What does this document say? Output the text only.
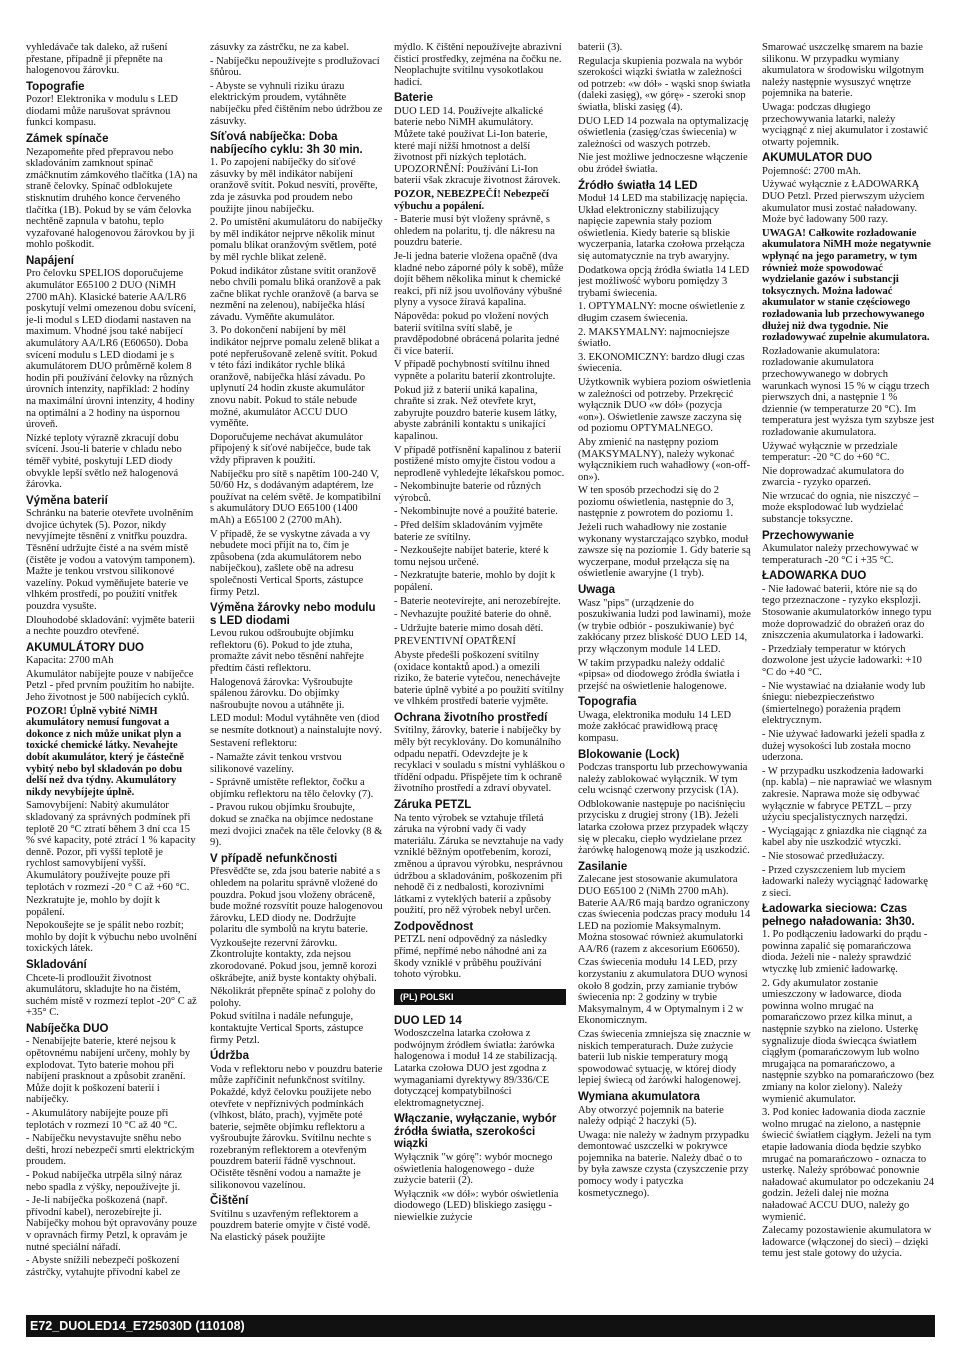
vyhledávače tak daleko, až rušení přestane, případně jí přepněte na halogenovou žárovku.

Topografie

Pozor! Elektronika v modulu s LED diodami může narušovat správnou funkci kompasu.

Zámek spínače

Nezapomeňte před přepravou nebo skladováním zamknout spínač zmáčknutím zámkového tlačítka (1A) na straně čelovky. Spínač odblokujete stisknutím druhého konce červeného tlačítka (1B). Pokud by se vám čelovka nechtěně zapnula v batohu, teplo vyzařované halogenovou žárovkou by ji mohlo poškodit.

Napájení

Pro čelovku SPELIOS doporučujeme akumulátor E65100 2 DUO (NiMH 2700 mAh). Klasické baterie AA/LR6 poskytují velmi omezenou dobu svícení, je-li modul s LED diodami nastaven na maximum. Vhodné jsou také nabíjecí akumulátory AA/LR6 (E60650). Doba svícení modulu s LED diodami je s akumulátorem DUO průměrně kolem 8 hodin při používání čelovky na různých úrovních intenzity, například: 2 hodiny na maximální úrovni intenzity, 4 hodiny na optimální a 2 hodiny na úspornou úroveň.

Nízké teploty výrazně zkracují dobu svícení. Jsou-li baterie v chladu nebo téměř vybité, poskytují LED diody obvykle lepší světlo než halogenová žárovka.

Výměna baterií

Schránku na baterie otevřete uvolněním dvojice úchytek (5). Pozor, nikdy nevyjímejte těsnění z vnitřku pouzdra. Těsnění udržujte čisté a na svém místě (čistěte je vodou a vatovým tamponem). Mažte je tenkou vrstvou silikonové vazelíny. Pokud vyměňujete baterie ve vlhkém prostředí, po použití vnitřek pouzdra vysušte.

Dlouhodobé skladování: vyjměte baterii a nechte pouzdro otevřené.

AKUMULÁTORY DUO

Kapacita: 2700 mAh

Akumulátor nabíjejte pouze v nabíječce Petzl - před prvním použitím ho nabijte. Jeho životnost je 500 nabíjecích cyklů.

POZOR! Úplně vybité NiMH akumulátory nemusí fungovat a dokonce z nich může unikat plyn a toxické chemické látky. Nevahejte dobít akumulátor, který je částečně vybitý nebo byl skladován po dobu delší než dva týdny. Akumulátory nikdy nevybíjejte úplně.

Samovybíjení: Nabitý akumulátor skladovaný za správných podmínek při teplotě 20 °C ztratí během 3 dní cca 15 % své kapacity, poté ztrácí 1 % kapacity denně. Pozor, při vyšší teplotě je rychlost samovybíjení vyšší. Akumulátory používejte pouze při teplotách v rozmezí -20 ° C až +60 °C.

Nezkratujte je, mohlo by dojít k popálení.

Nepokoušejte se je spálit nebo rozbít; mohlo by dojít k výbuchu nebo uvolnění toxických látek.

Skladování

Chcete-li prodloužit životnost akumulátoru, skladujte ho na čistém, suchém místě v rozmezí teplot -20° C až +35° C.

Nabíječka DUO

- Nenabíjejte baterie, které nejsou k opětovnému nabíjení určeny, mohly by explodovat. Tyto baterie mohou při nabíjení prasknout a způsobit zranění. Může dojít k poškození baterií i nabíječky.

- Akumulátory nabíjejte pouze při teplotách v rozmezí 10 °C až 40 °C.

- Nabíječku nevystavujte sněhu nebo dešti, hrozí nebezpečí smrti elektrickým proudem.

- Pokud nabíječka utrpěla silný náraz nebo spadla z výšky, nepoužívejte ji.

- Je-li nabíječka poškozená (např. přívodní kabel), nerozebírejte ji. Nabíječky mohou být opravovány pouze v opravnách firmy Petzl, k opravám je nutné speciální nářadí.

- Abyste snížili nebezpečí poškození zástrčky, vytahujte přívodní kabel ze

zásuvky za zástrčku, ne za kabel.

- Nabíječku nepoužívejte s prodlužovací šňůrou.

- Abyste se vyhnuli riziku úrazu elektrickým proudem, vytáhněte nabíječku před čištěním nebo údržbou ze zásuvky.

Síťová nabíječka: Doba nabíjecího cyklu: 3h 30 min.

1. Po zapojení nabíječky do síťové zásuvky by měl indikátor nabíjení oranžově svítit. Pokud nesvítí, prověřte, zda je zásuvka pod proudem nebo použijte jinou nabíječku.

2. Po umístění akumulátoru do nabíječky by měl indikátor nejprve několik minut pomalu blikat oranžovým světlem, poté by měl rychle blikat zeleně.

Pokud indikátor zůstane svítit oranžově nebo chvíli pomalu bliká oranžově a pak začne blikat rychle oranžově (a barva se nezmění na zelenou), nabíječka hlásí závadu. Vyměňte akumulátor.

3. Po dokončení nabíjení by měl indikátor nejprve pomalu zeleně blikat a poté nepřerušovaně zeleně svítit. Pokud v této fázi indikátor rychle bliká oranžově, nabíječka hlásí závadu. Po uplynutí 24 hodin zkuste akumulátor znovu nabít. Pokud to stále nebude možné, akumulátor ACCU DUO vyměňte.

Doporučujeme nechávat akumulátor připojený k síťové nabíječce, bude tak vždy připraven k použití.

Nabíječku pro sítě s napětím 100-240 V, 50/60 Hz, s dodávaným adaptérem, lze používat na celém světě. Je kompatibilní s akumulátory DUO E65100 (1400 mAh) a E65100 2 (2700 mAh).

V případě, že se vyskytne závada a vy nebudete moci přijít na to, čím je způsobena (zda akumulátorem nebo nabíječkou), zašlete obě na adresu společnosti Vertical Sports, zástupce firmy Petzl.

Výměna žárovky nebo modulu s LED diodami

Levou rukou odšroubujte objímku reflektoru (6). Pokud to jde ztuha, promažte závit nebo těsnění nahřejte předtím části reflektoru.

Halogenová žárovka: Vyšroubujte spálenou žárovku. Do objímky našroubujte novou a utáhněte ji.

LED modul: Modul vytáhněte ven (diod se nesmíte dotknout) a nainstalujte nový.

Sestavení reflektoru:

- Namažte závit tenkou vrstvou silikonové vazelíny.

- Správně umístěte reflektor, čočku a objímku reflektoru na tělo čelovky (7).

- Pravou rukou objímku šroubujte, dokud se značka na objímce nedostane mezi dvojici značek na těle čelovky (8 & 9).

V případě nefunkčnosti

Přesvědčte se, zda jsou baterie nabité a s ohledem na polaritu správně vložené do pouzdra. Pokud jsou vloženy obráceně, bude možné rozsvítit pouze halogenovou žárovku, LED diody ne. Dodržujte polaritu dle symbolů na krytu baterie.

Vyzkoušejte rezervní žárovku. Zkontrolujte kontakty, zda nejsou zkorodované. Pokud jsou, jemně korozi oškrábejte, aniž byste kontakty ohýbali.

Několikrát přepněte spínač z polohy do polohy.

Pokud svítilna i nadále nefunguje, kontaktujte Vertical Sports, zástupce firmy Petzl.

Údržba

Voda v reflektoru nebo v pouzdru baterie může zapříčinit nefunkčnost svítilny. Pokaždé, když čelovku použijete nebo otevřete v nepříznivých podmínkách (vlhkost, bláto, prach), vyjměte poté baterie, sejměte objímku reflektoru a vyšroubujte žárovku. Svítilnu nechte s rozebraným reflektorem a otevřeným pouzdrem baterií řádně vyschnout. Očistěte těsnění vodou a namažte je silikonovou vazelínou.

Čištění

Svítilnu s uzavřeným reflektorem a pouzdrem baterie omyjte v čisté vodě. Na elastický pásek použijte

mýdlo. K čištění nepoužívejte abrazivní čisticí prostředky, zejména na čočku ne. Neoplachujte svítilnu vysokotlakou hadicí.

Baterie

DUO LED 14. Používejte alkalické baterie nebo NiMH akumulátory. Můžete také používat Li-Ion baterie, které mají nižší hmotnost a delší životnost při nízkých teplotách. UPOZORNĚNÍ: Používání Li-Ion baterií však zkracuje životnost žárovek.

POZOR, NEBEZPEČÍ! Nebezpečí výbuchu a popálení.

- Baterie musí být vloženy správně, s ohledem na polaritu, tj. dle nákresu na pouzdru baterie.

Je-li jedna baterie vložena opačně (dva kladné nebo záporné póly k sobě), může dojít během několika minut k chemické reakci, při níž jsou uvolňovány výbušné plyny a vysoce žíravá kapalina.

Nápověda: pokud po vložení nových baterií svítilna svítí slabě, je pravděpodobné obrácená polarita jedné či více baterií.

V případě pochybností svítilnu ihned vypněte a polaritu baterií zkontrolujte.

Pokud již z baterií uniká kapalina, chraňte si zrak. Než otevřete kryt, zabyrujte pouzdro baterie kusem látky, abyste zabránili kontaktu s unikající kapalinou.

V případě potřísnění kapalinou z baterií postižené místo omyjte čistou vodou a neprodleně vyhledejte lékařskou pomoc.

- Nekombinujte baterie od různých výrobců.

- Nekombinujte nové a použité baterie.

- Před delším skladováním vyjměte baterie ze svítilny.

- Nezkoušejte nabíjet baterie, které k tomu nejsou určené.

- Nezkratujte baterie, mohlo by dojít k popálení.

- Baterie neotevírejte, ani nerozebírejte.

- Nevhazujte použité baterie do ohně.

- Udržujte baterie mimo dosah dětí.

PREVENTIVNÍ OPATŘENÍ

Abyste předešli poškození svítilny (oxidace kontaktů apod.) a omezili riziko, že baterie vytečou, nenechávejte baterie úplně vybité a po použití svítilny ve vlhkém prostředí baterie vyjměte.

Ochrana životního prostředí

Svítilny, žárovky, baterie i nabíječky by měly být recyklovány. Do komunálního odpadu nepatří. Odevzdejte je k recyklaci v souladu s místní vyhláškou o třídění odpadu. Přispějete tím k ochraně životního prostředí a zdraví obyvatel.

Záruka PETZL

Na tento výrobek se vztahuje tříletá záruka na výrobní vady či vady materiálu. Záruka se nevztahuje na vady vzniklé běžným opotřebením, korozí, změnou a úpravou výrobku, nesprávnou údržbou a skladováním, poškozením při nehodě či z nedbalosti, korozivními látkami z vyteklých baterií a způsoby použití, pro něž výrobek nebyl určen.

Zodpovědnost

PETZL není odpovědný za následky přímé, nepřímé nebo náhodné ani za škody vzniklé v průběhu používání tohoto výrobku.

(PL) POLSKI
DUO LED 14

Wodoszczelna latarka czołowa z podwójnym źródłem światła: żarówka halogenowa i moduł 14 ze stabilizacją. Latarka czołowa DUO jest zgodna z wymaganiami dyrektywy 89/336/CE dotyczącej kompatybilności elektromagnetycznej.

Włączanie, wyłączanie, wybór źródła światła, szerokości wiązki

Wyłącznik "w górę": wybór mocnego oświetlenia halogenowego - duże zużycie baterii (2).

Wyłącznik «w dół»: wybór oświetlenia diodowego (LED) bliskiego zasięgu - niewielkie zużycie

baterii (3).

Regulacja skupienia pozwala na wybór szerokości wiązki światła w zależności od potrzeb: «w dół» - wąski snop światła (daleki zasięg), «w górę» - szeroki snop światła, bliski zasięg (4).

DUO LED 14 pozwala na optymalizację oświetlenia (zasięg/czas świecenia) w zależności od waszych potrzeb.

Nie jest możliwe jednoczesne włączenie obu źródeł światła.

Źródło światła 14 LED

Moduł 14 LED ma stabilizację napięcia. Układ elektroniczny stabilizujący napięcie zapewnia stały poziom oświetlenia. Kiedy baterie są bliskie wyczerpania, latarka czołowa przełącza się automatycznie na tryb awaryjny.

Dodatkowa opcją źródła światła 14 LED jest możliwość wyboru pomiędzy 3 trybami świecenia.

1. OPTYMALNY: mocne oświetlenie z długim czasem świecenia.

2. MAKSYMALNY: najmocniejsze światło.

3. EKONOMICZNY: bardzo długi czas świecenia.

Użytkownik wybiera poziom oświetlenia w zależności od potrzeby. Przekręcić wyłącznik DUO «w dół» (pozycja «on»). Oświetlenie zawsze zaczyna się od poziomu OPTYMALNEGO.

Aby zmienić na następny poziom (MAKSYMALNY), należy wykonać wyłącznikiem ruch wahadłowy («on-off-on»).

W ten sposób przechodzi się do 2 poziomu oświetlenia, następnie do 3, następnie z powrotem do poziomu 1.

Jeżeli ruch wahadłowy nie zostanie wykonany wystarczająco szybko, moduł zawsze się na poziomie 1. Gdy baterie są wyczerpane, moduł przełącza się na oświetlenie awaryjne (1 tryb).

Uwaga

Wasz "pips" (urządzenie do poszukiwania ludzi pod lawinami), może (w trybie odbiór - poszukiwanie) być zakłócany przez bliskość DUO LED 14, przy włączonym module 14 LED.

W takim przypadku należy oddalić «pipsa» od diodowego źródła światła i przejść na oświetlenie halogenowe.

Topografia

Uwaga, elektronika modułu 14 LED może zakłócać prawidłową pracę kompasu.

Blokowanie (Lock)

Podczas transportu lub przechowywania należy zablokować wyłącznik. W tym celu wcisnąć czerwony przycisk (1A).

Odblokowanie następuje po naciśnięciu przycisku z drugiej strony (1B). Jeżeli latarka czołowa przez przypadek włączy się w plecaku, ciepło wydzielane przez żarówkę halogenową może ją uszkodzić.

Zasilanie

Zalecane jest stosowanie akumulatora DUO E65100 2 (NiMh 2700 mAh). Baterie AA/R6 mają bardzo ograniczony czas świecenia podczas pracy modułu 14 LED na poziomie Maksymalnym. Można stosować również akumulatorki AA/R6 (razem z akcesorium E60650).

Czas świecenia modułu 14 LED, przy korzystaniu z akumulatora DUO wynosi około 8 godzin, przy zamianie trybów świecenia np: 2 godziny w trybie Maksymalnym, 4 w Optymalnym i 2 w Ekonomicznym.

Czas świecenia zmniejsza się znacznie w niskich temperaturach. Duże zużycie baterii lub niskie temperatury mogą spowodować sytuację, w której diody lepiej świecą od żarówki halogenowej.

Wymiana akumulatora

Aby otworzyć pojemnik na baterie należy odpiąć 2 haczyki (5).

Uwaga: nie należy w żadnym przypadku demontować uszczelki w pokrywce pojemnika na baterie. Należy dbać o to by była zawsze czysta (czyszczenie przy pomocy wody i patyczka kosmetycznego).

Smarować uszczelkę smarem na bazie silikonu. W przypadku wymiany akumulatora w środowisku wilgotnym należy następnie wysuszyć wnętrze pojemnika na baterie.

Uwaga: podczas długiego przechowywania latarki, należy wyciągnąć z niej akumulator i zostawić otwarty pojemnik.

AKUMULATOR DUO

Pojemność: 2700 mAh.

Używać wyłącznie z ŁADOWARKĄ DUO Petzl. Przed pierwszym użyciem akumulator musi zostać naładowany. Może być ładowany 500 razy.

UWAGA! Całkowite rozładowanie akumulatora NiMH może negatywnie wpłynąć na jego parametry, w tym również może spowodować wydzielanie gazów i substancji toksycznych. Można ładować akumulator w stanie częściowego rozładowania lub przechowywanego dłużej niż dwa tygodnie. Nie rozładowywać zupełnie akumulatora.

Rozładowanie akumulatora: rozładowanie akumulatora przechowywanego w dobrych warunkach wynosi 15 % w ciągu trzech pierwszych dni, a następnie 1 % dziennie (w temperaturze 20 °C). Im temperatura jest wyższa tym szybsze jest rozładowanie akumulatora.

Używać wyłącznie w przedziale temperatur: -20 °C do +60 °C.

Nie doprowadzać akumulatora do zwarcia - ryzyko oparzeń.

Nie wrzucać do ognia, nie niszczyć – może eksplodować lub wydzielać substancje toksyczne.

Przechowywanie

Akumulator należy przechowywać w temperaturach -20 °C i +35 °C.

ŁADOWARKA DUO

- Nie ładować baterii, które nie są do tego przeznaczone - ryzyko eksplozji. Stosowanie akumulatorków innego typu może doprowadzić do obrażeń oraz do zniszczenia akumulatorka i ładowarki.

- Przedziały temperatur w których dozwolone jest użycie ładowarki: +10 °C do +40 °C.

- Nie wystawiać na działanie wody lub śniegu: niebezpieczeństwo (śmiertelnego) porażenia prądem elektrycznym.

- Nie używać ładowarki jeżeli spadła z dużej wysokości lub została mocno uderzona.

- W przypadku uszkodzenia ładowarki (np. kabla) – nie naprawiać we własnym zakresie. Naprawa może się odbywać wyłącznie w fabryce PETZL – przy użyciu specjalistycznych narzędzi.

- Wyciągając z gniazdka nie ciągnąć za kabel aby nie uszkodzić wtyczki.

- Nie stosować przedłużaczy.

- Przed czyszczeniem lub myciem ładowarki należy wyciągnąć ładowarkę z sieci.

Ładowarka sieciowa: Czas pełnego naładowania: 3h30.

1. Po podłączeniu ładowarki do prądu - powinna zapalić się pomarańczowa dioda. Jeżeli nie - należy sprawdzić wtyczkę lub zmienić ładowarkę.

2. Gdy akumulator zostanie umieszczony w ładowarce, dioda powinna wolno mrugać na pomarańczowo przez kilka minut, a następnie szybko na zielono. Usterkę sygnalizuje dioda świecąca światłem ciągłym (pomarańczowym lub wolno mrugająca na pomarańczowo, a następnie szybko na pomarańczowo (bez zmiany na kolor zielony). Należy wymienić akumulator.

3. Pod koniec ładowania dioda zacznie wolno mrugać na zielono, a następnie świecić światłem ciągłym. Jeżeli na tym etapie ładowania dioda będzie szybko mrugać na pomarańczowo - oznacza to usterkę. Należy spróbować ponownie naładować akumulator po odczekaniu 24 godzin. Jeżeli dalej nie można naładować ACCU DUO, należy go wymienić.

Zalecamy pozostawienie akumulatora w ładowarce (włączonej do sieci) – dzięki temu jest stale gotowy do użycia.

E72_DUOLED14_E725030D (110108)
